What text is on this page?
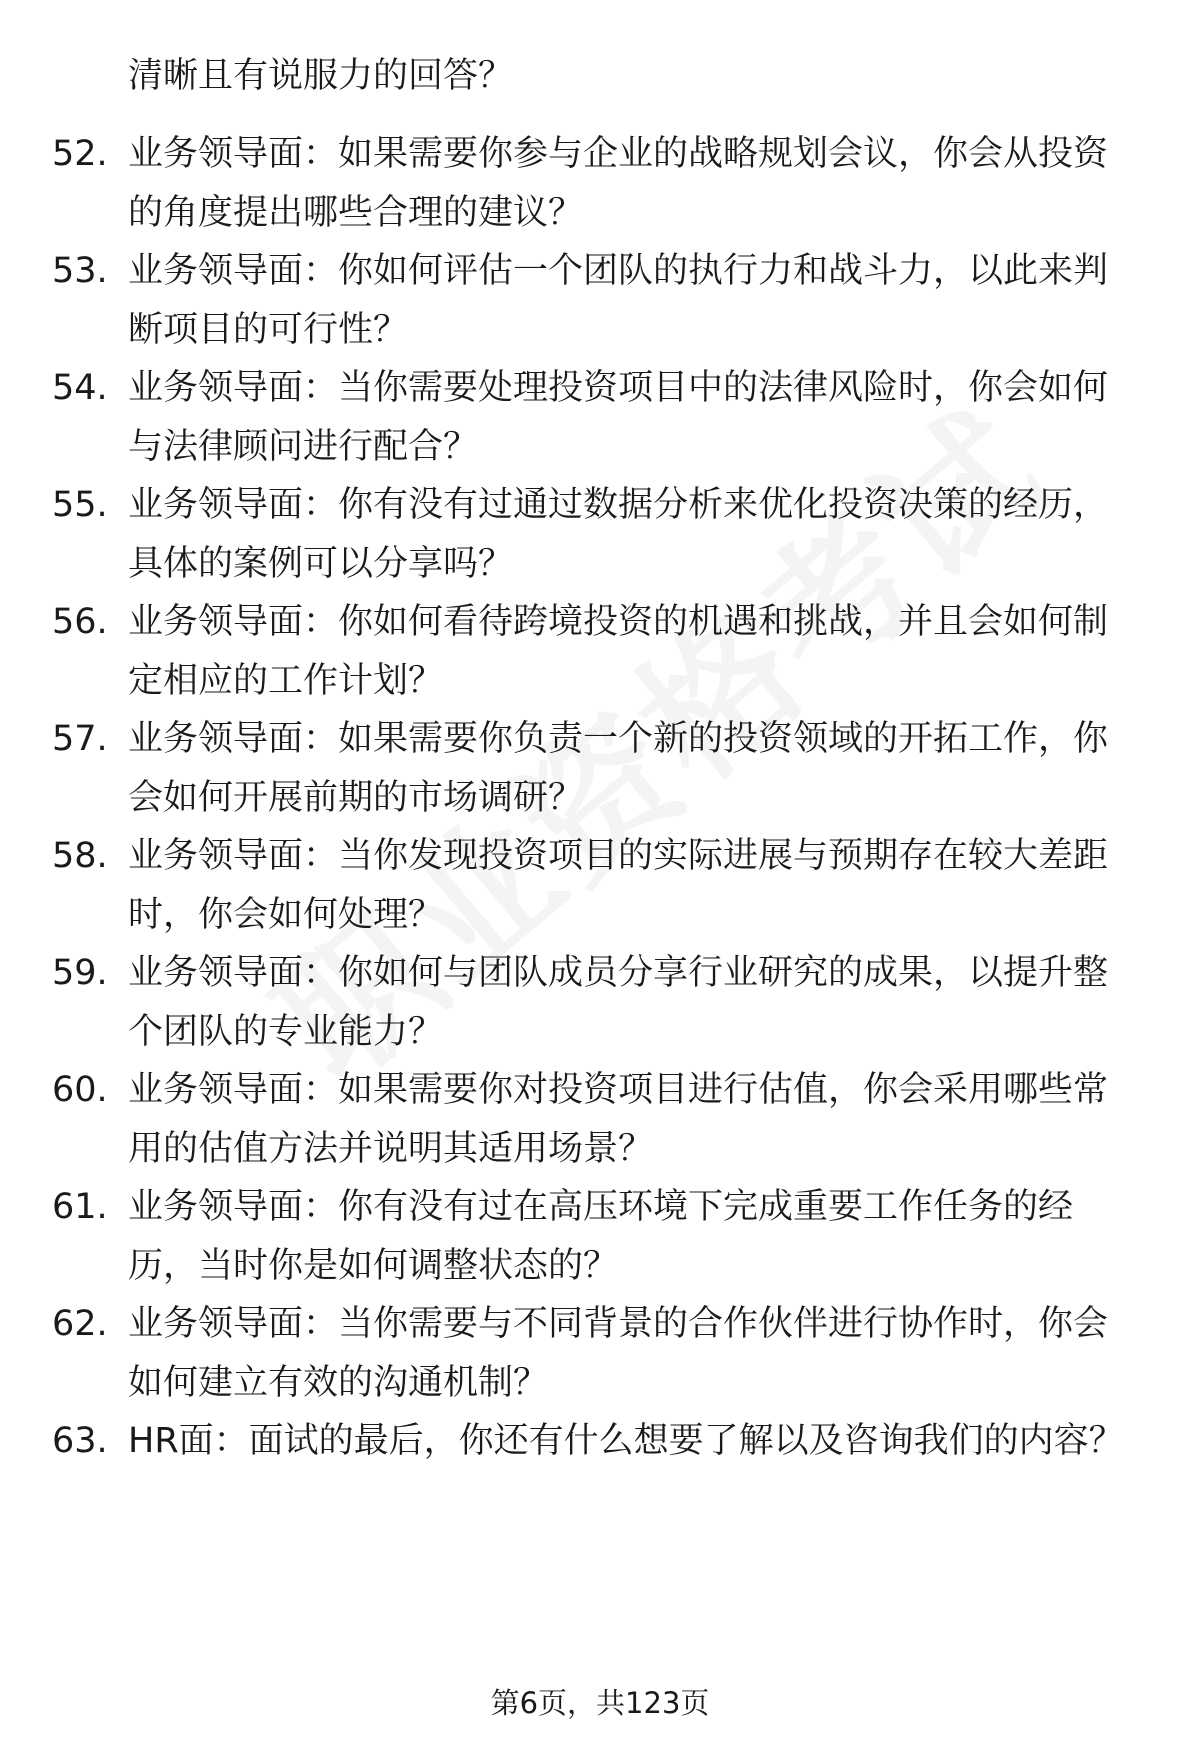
清晰且有说服力的回答？
52. 业务领导面：如果需要你参与企业的战略规划会议，你会从投资
的角度提出哪些合理的建议？
53. 业务领导面：你如何评估一个团队的执行力和战斗力，以此来判
断项目的可行性？
54. 业务领导面：当你需要处理投资项目中的法律风险时，你会如何
与法律顾问进行配合？
55. 业务领导面：你有没有过通过数据分析来优化投资决策的经历，
具体的案例可以分享吗？
56. 业务领导面：你如何看待跨境投资的机遇和挑战，并且会如何制
定相应的工作计划？
57. 业务领导面：如果需要你负责一个新的投资领域的开拓工作，你
会如何开展前期的市场调研？
58. 业务领导面：当你发现投资项目的实际进展与预期存在较大差距
时，你会如何处理？
59. 业务领导面：你如何与团队成员分享行业研究的成果，以提升整
个团队的专业能力？
60. 业务领导面：如果需要你对投资项目进行估值，你会采用哪些常
用的估值方法并说明其适用场景？
61. 业务领导面：你有没有过在高压环境下完成重要工作任务的经
历，当时你是如何调整状态的？
62. 业务领导面：当你需要与不同背景的合作伙伴进行协作时，你会
如何建立有效的沟通机制？
63. HR面：面试的最后，你还有什么想要了解以及咨询我们的内容？
第6页，共123页
